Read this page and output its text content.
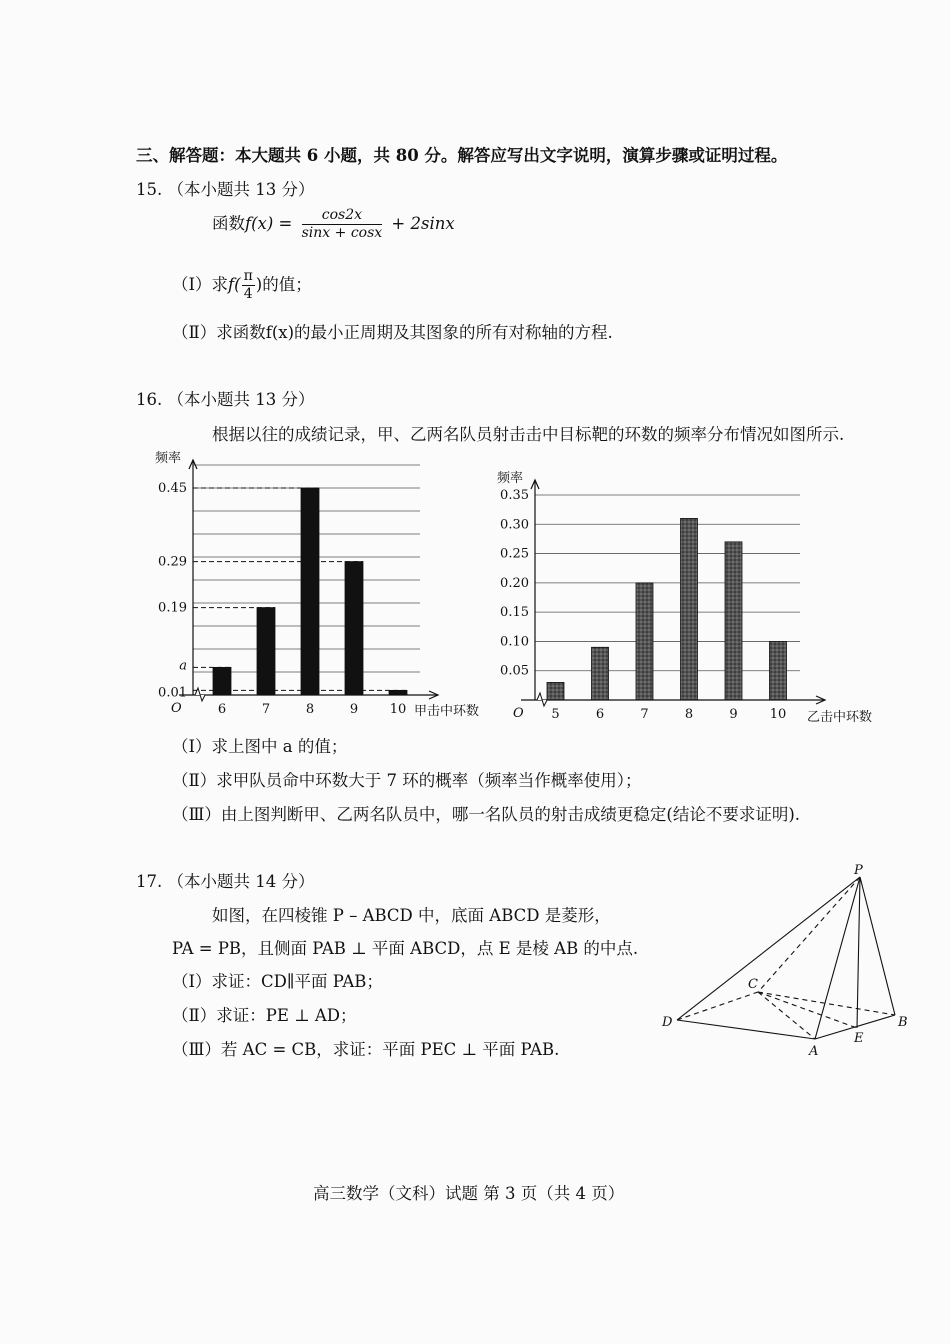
三、解答题：本大题共 6 小题，共 80 分。解答应写出文字说明，演算步骤或证明过程。
15. （本小题共 13 分）
函数$f(x) = \frac{\cos 2x}{\sin x + \cos x} + 2\sin x$
（Ⅰ）求$f( \frac{\pi}{4}$ )的值；
（Ⅱ）求函数f(x)的最小正周期及其图象的所有对称轴的方程.
16. （本小题共 13 分）
根据以往的成绩记录，甲、乙两名队员射击击中目标靶的环数的频率分布情况如图所示.
6	7	8	9 10
0.01
a
0.19
0.29
0.45
频率
甲击中环数
O	5	6	7	8	9 10
0.05
0.10
0.15
0.20
0.25
0.30
0.35
频率
乙击中环数
O
（Ⅰ）求上图中 a 的值；
（Ⅱ）求甲队员命中环数大于 7 环的概率（频率当作概率使用）；
（Ⅲ）由上图判断甲、乙两名队员中，哪一名队员的射击成绩更稳定(结论不要求证明).
17. （本小题共 14 分）
如图，在四棱锥 P – ABCD 中，底面 ABCD 是菱形，
PA = PB，且侧面 PAB ⊥ 平面 ABCD，点 E 是棱 AB 的中点.
（Ⅰ）求证：CD∥平面 PAB；
（Ⅱ）求证：PE ⊥ AD；
（Ⅲ）若 AC = CB，求证：平面 PEC ⊥ 平面 PAB.
P
C
D
A
E
B
高三数学（文科）试题 第 3 页（共 4 页）
